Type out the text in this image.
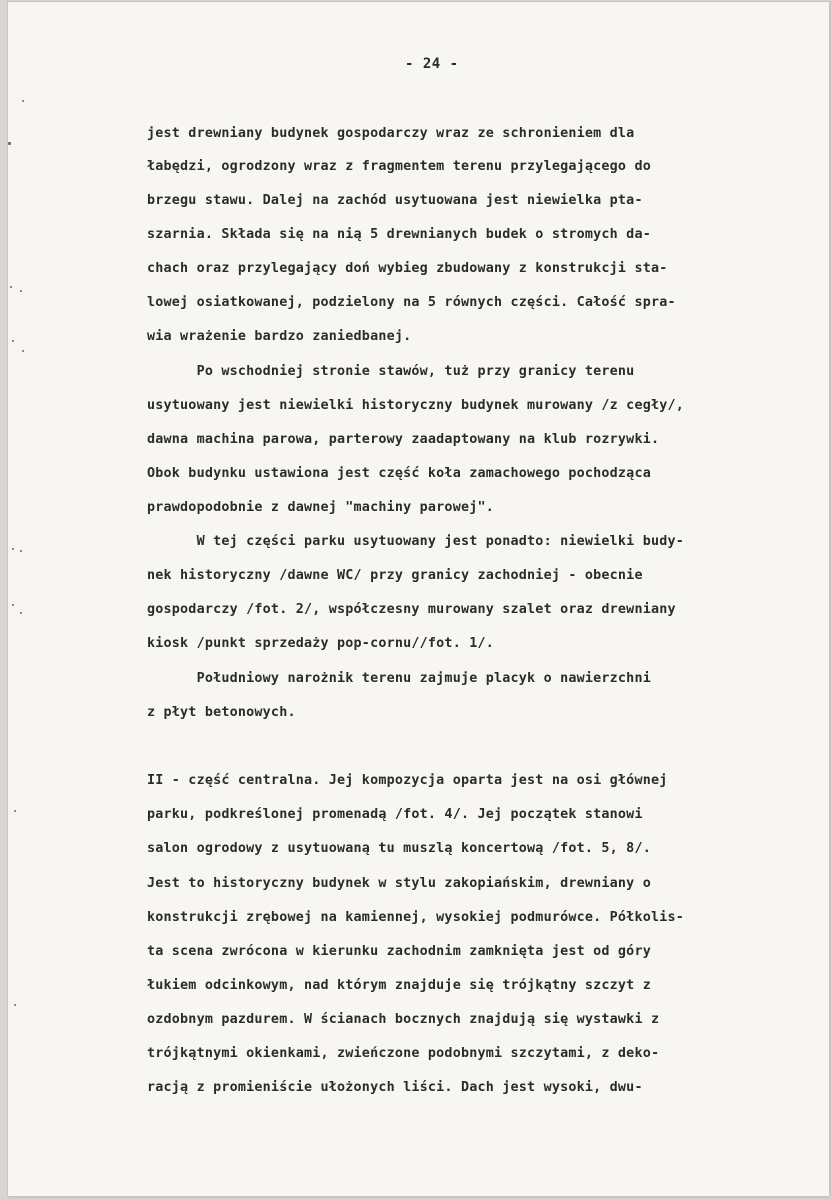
- 24 -
jest drewniany budynek gospodarczy wraz ze schronieniem dla
łabędzi, ogrodzony wraz z fragmentem terenu przylegającego do
brzegu stawu. Dalej na zachód usytuowana jest niewielka pta-
szarnia. Składa się na nią 5 drewnianych budek o stromych da-
chach oraz przylegający doń wybieg zbudowany z konstrukcji sta-
lowej osiatkowanej, podzielony na 5 równych części. Całość spra-
wia wrażenie bardzo zaniedbanej.
Po wschodniej stronie stawów, tuż przy granicy terenu
usytuowany jest niewielki historyczny budynek murowany /z cegły/,
dawna machina parowa, parterowy zaadaptowany na klub rozrywki.
Obok budynku ustawiona jest część koła zamachowego pochodząca
prawdopodobnie z dawnej "machiny parowej".
W tej części parku usytuowany jest ponadto: niewielki budy-
nek historyczny /dawne WC/ przy granicy zachodniej - obecnie
gospodarczy /fot. 2/, współczesny murowany szalet oraz drewniany
kiosk /punkt sprzedaży pop-cornu//fot. 1/.
Południowy narożnik terenu zajmuje placyk o nawierzchni
z płyt betonowych.
II - część centralna. Jej kompozycja oparta jest na osi głównej
parku, podkreślonej promenadą /fot. 4/. Jej początek stanowi
salon ogrodowy z usytuowaną tu muszlą koncertową /fot. 5, 8/.
Jest to historyczny budynek w stylu zakopiańskim, drewniany o
konstrukcji zrębowej na kamiennej, wysokiej podmurówce. Półkolis-
ta scena zwrócona w kierunku zachodnim zamknięta jest od góry
łukiem odcinkowym, nad którym znajduje się trójkątny szczyt z
ozdobnym pazdurem. W ścianach bocznych znajdują się wystawki z
trójkątnymi okienkami, zwieńczone podobnymi szczytami, z deko-
racją z promieniście ułożonych liści. Dach jest wysoki, dwu-
